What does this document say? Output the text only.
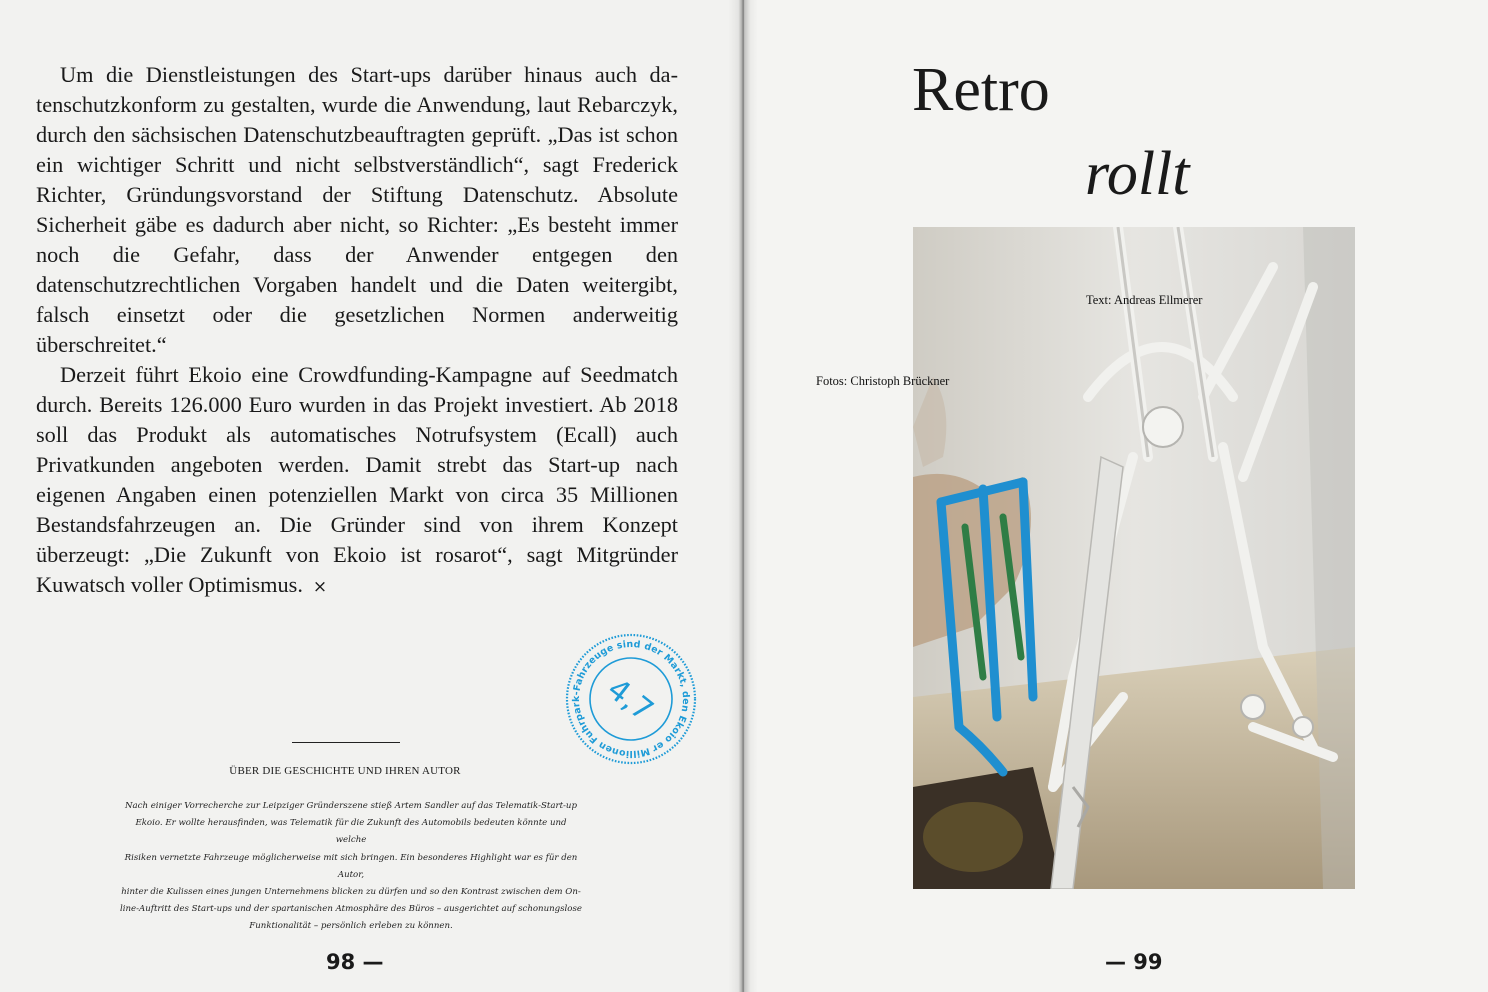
Um die Dienstleistungen des Start-ups darüber hinaus auch datenschutzkonform zu gestalten, wurde die Anwendung, laut Rebarczyk, durch den sächsischen Datenschutzbeauftragten geprüft. „Das ist schon ein wichtiger Schritt und nicht selbstverständlich“, sagt Frederick Richter, Gründungsvorstand der Stiftung Datenschutz. Absolute Sicherheit gäbe es dadurch aber nicht, so Richter: „Es besteht immer noch die Gefahr, dass der Anwender entgegen den datenschutzrechtlichen Vorgaben handelt und die Daten weitergibt, falsch einsetzt oder die gesetzlichen Normen anderweitig überschreitet.“

Derzeit führt Ekoio eine Crowdfunding-Kampagne auf Seedmatch durch. Bereits 126.000 Euro wurden in das Projekt investiert. Ab 2018 soll das Produkt als automatisches Notrufsystem (Ecall) auch Privatkunden angeboten werden. Damit strebt das Start-up nach eigenen Angaben einen potenziellen Markt von circa 35 Millionen Bestandsfahrzeugen an. Die Gründer sind von ihrem Konzept überzeugt: „Die Zukunft von Ekoio ist rosarot“, sagt Mitgründer Kuwatsch voller Optimismus. ×

Millionen Fuhrpark-Fahrzeuge sind der Markt, den Ekoio erobern
4,7
ÜBER DIE GESCHICHTE UND IHREN AUTOR
Nach einiger Vorrecherche zur Leipziger Gründerszene stieß Artem Sandler auf das Telematik-Start-up
Ekoio. Er wollte herausfinden, was Telematik für die Zukunft des Automobils bedeuten könnte und welche
Risiken vernetzte Fahrzeuge möglicherweise mit sich bringen. Ein besonderes Highlight war es für den Autor,
hinter die Kulissen eines jungen Unternehmens blicken zu dürfen und so den Kontrast zwischen dem On-
line-Auftritt des Start-ups und der spartanischen Atmosphäre des Büros – ausgerichtet auf schonungslose
Funktionalität – persönlich erleben zu können.
98 —
Retro
rollt
Text: Andreas Ellmerer
Fotos: Christoph Brückner
— 99
